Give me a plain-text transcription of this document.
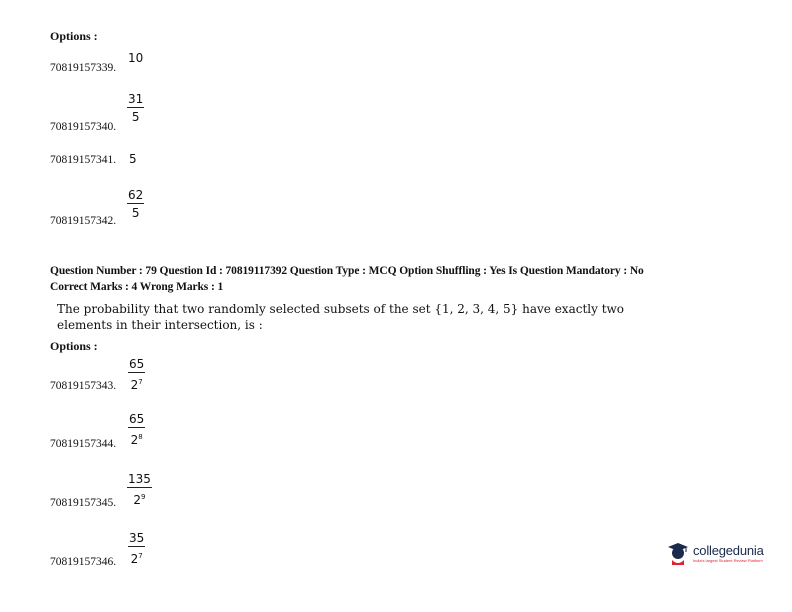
Options :
10
70819157339.
31
5
70819157340.
5
70819157341.
62
5
70819157342.
Question Number : 79 Question Id : 70819117392 Question Type : MCQ Option Shuffling : Yes Is Question Mandatory : No
Correct Marks : 4 Wrong Marks : 1
The probability that two randomly selected subsets of the set {1, 2, 3, 4, 5} have exactly two
elements in their intersection, is :
Options :
65
$2^7$
70819157343.
65
$2^8$
70819157344.
135
$2^9$
70819157345.
35
$2^7$
70819157346.
collegedunia
India's largest Student Review Platform
